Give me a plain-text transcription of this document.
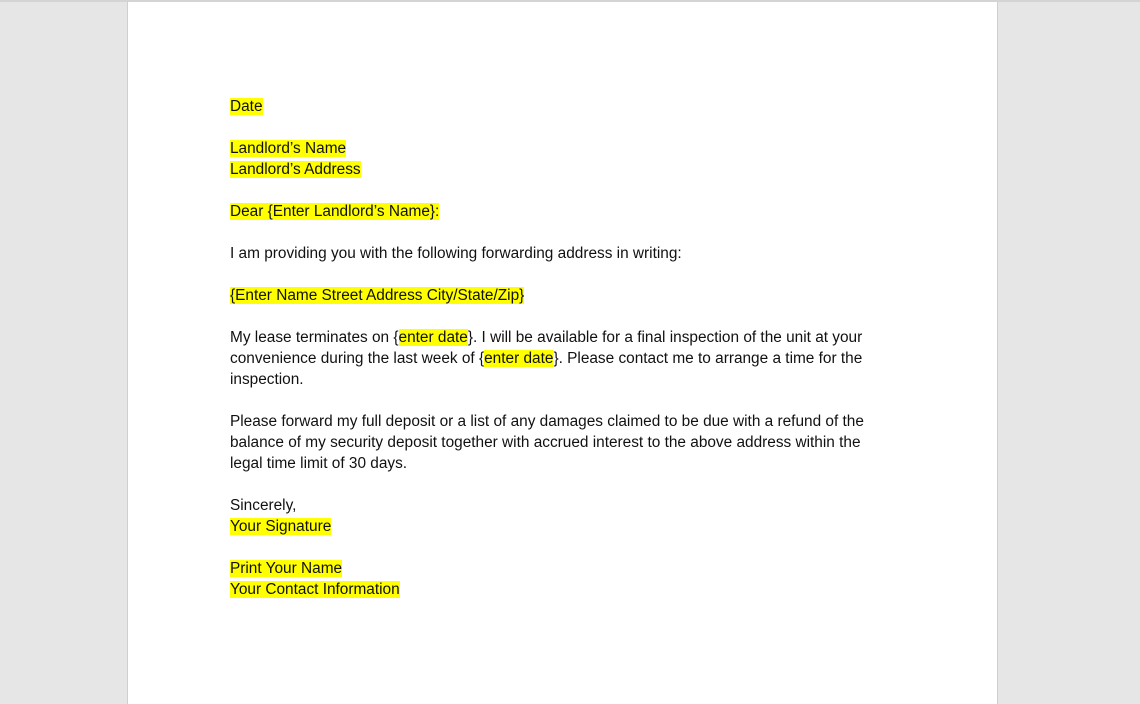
Date

Landlord’s Name

Landlord’s Address

Dear {Enter Landlord’s Name}:

I am providing you with the following forwarding address in writing:

{Enter Name Street Address City/State/Zip}

My lease terminates on {enter date}. I will be available for a final inspection of the unit at your convenience during the last week of {enter date}. Please contact me to arrange a time for the inspection.

Please forward my full deposit or a list of any damages claimed to be due with a refund of the balance of my security deposit together with accrued interest to the above address within the legal time limit of 30 days.

Sincerely,

Your Signature

Print Your Name

Your Contact Information
